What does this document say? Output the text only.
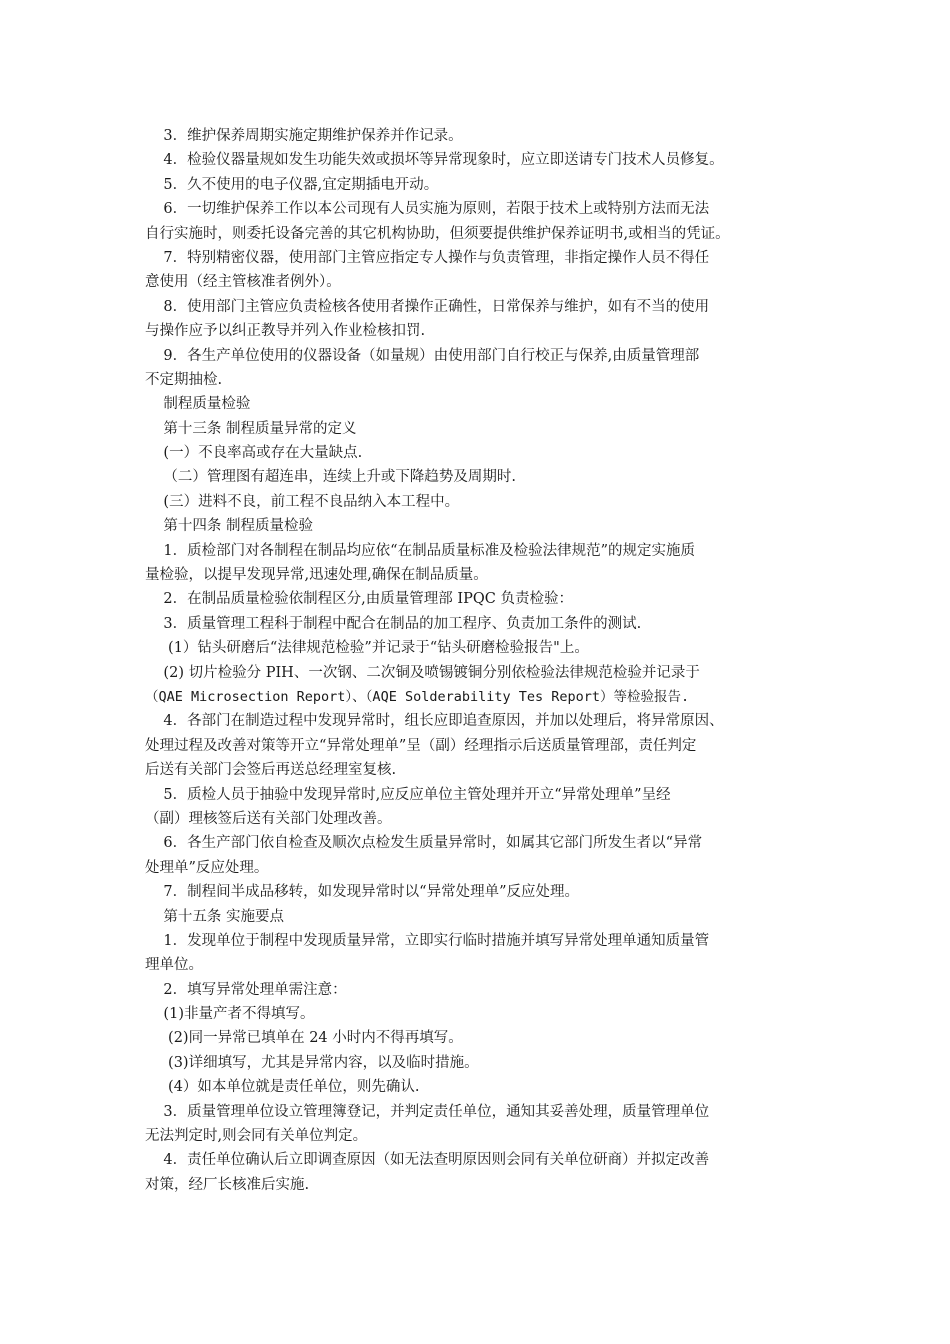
3．维护保养周期实施定期维护保养并作记录。
4．检验仪器量规如发生功能失效或损坏等异常现象时，应立即送请专门技术人员修复。
5．久不使用的电子仪器,宜定期插电开动。
6．一切维护保养工作以本公司现有人员实施为原则，若限于技术上或特别方法而无法
自行实施时，则委托设备完善的其它机构协助，但须要提供维护保养证明书,或相当的凭证。
7．特别精密仪器，使用部门主管应指定专人操作与负责管理，非指定操作人员不得任
意使用（经主管核准者例外）。
8．使用部门主管应负责检核各使用者操作正确性，日常保养与维护，如有不当的使用
与操作应予以纠正教导并列入作业检核扣罚.
9．各生产单位使用的仪器设备（如量规）由使用部门自行校正与保养,由质量管理部
不定期抽检.
制程质量检验
第十三条 制程质量异常的定义
(一）不良率高或存在大量缺点.
（二）管理图有超连串，连续上升或下降趋势及周期时.
(三）进料不良，前工程不良品纳入本工程中。
第十四条 制程质量检验
1．质检部门对各制程在制品均应依“在制品质量标准及检验法律规范”的规定实施质
量检验，以提早发现异常,迅速处理,确保在制品质量。
2．在制品质量检验依制程区分,由质量管理部 IPQC 负责检验：
3．质量管理工程科于制程中配合在制品的加工程序、负责加工条件的测试.
(1）钻头研磨后“法律规范检验”并记录于“钻头研磨检验报告"上。
(2) 切片检验分 PIH、一次钢、二次铜及喷锡镀铜分别依检验法律规范检验并记录于
（QAE Microsection Report）、（AQE Solderability Tes Report）等检验报告.
4．各部门在制造过程中发现异常时，组长应即追查原因，并加以处理后，将异常原因、
处理过程及改善对策等开立“异常处理单”呈（副）经理指示后送质量管理部，责任判定
后送有关部门会签后再送总经理室复核.
5．质检人员于抽验中发现异常时,应反应单位主管处理并开立“异常处理单”呈经
（副）理核签后送有关部门处理改善。
6．各生产部门依自检查及顺次点检发生质量异常时，如属其它部门所发生者以“异常
处理单”反应处理。
7．制程间半成品移转，如发现异常时以“异常处理单”反应处理。
第十五条 实施要点
1．发现单位于制程中发现质量异常，立即实行临时措施并填写异常处理单通知质量管
理单位。
2．填写异常处理单需注意：
(1)非量产者不得填写。
(2)同一异常已填单在 24 小时内不得再填写。
(3)详细填写，尤其是异常内容，以及临时措施。
(4）如本单位就是责任单位，则先确认.
3．质量管理单位设立管理簿登记，并判定责任单位，通知其妥善处理，质量管理单位
无法判定时,则会同有关单位判定。
4．责任单位确认后立即调查原因（如无法查明原因则会同有关单位研商）并拟定改善
对策，经厂长核准后实施.
